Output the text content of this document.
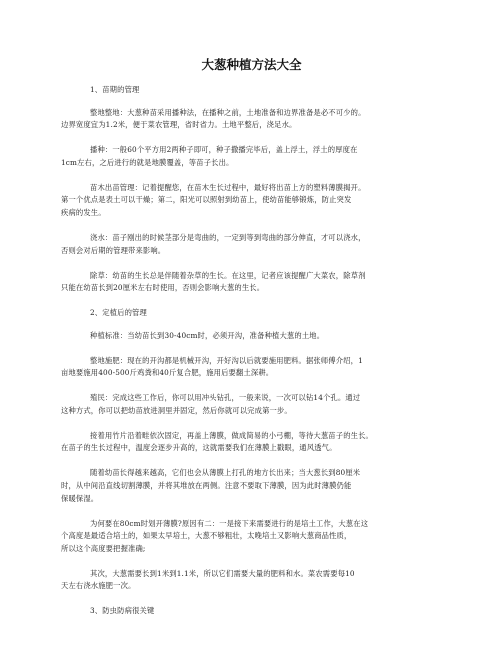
大葱种植方法大全
1、苗期的管理
整地整地：大葱种苗采用播种法，在播种之前，土地准备和边界准备是必不可少的。
边界宽度宜为1.2米，便于菜农管理，省时省力。土地平整后，浇足水。
播种：一般60个平方用2两种子即可，种子撒播完毕后，盖上浮土，浮土的厚度在
1cm左右，之后进行的就是地膜覆盖，等苗子长出。
苗木出苗管理：记着提醒您，在苗木生长过程中，最好将出苗上方的塑料薄膜揭开。
第一个优点是表土可以干燥；第二，阳光可以照射到幼苗上，使幼苗能够锻炼，防止突发
疾病的发生。
浇水：苗子刚出的时候茎部分是弯曲的，一定到等到弯曲的部分伸直，才可以浇水，
否则会对后期的管理带来影响。
除草：幼苗的生长总是伴随着杂草的生长。在这里，记者应该提醒广大菜农，除草剂
只能在幼苗长到20厘米左右时使用，否则会影响大葱的生长。
2、定植后的管理
种植标准：当幼苗长到30-40cm时，必须开沟，准备种植大葱的土地。
整地施肥：现在的开沟都是机械开沟，开好沟以后就要施用肥料。据张师傅介绍，1
亩地要施用400-500斤鸡粪和40斤复合肥，施用后要翻土深耕。
殖民：完成这些工作后，你可以用冲头钻孔，一般来说，一次可以钻14个孔。通过
这种方式，你可以把幼苗放进洞里并固定，然后你就可以完成第一步。
接着用竹片沿着畦依次固定，再盖上薄膜，做成简易的小弓棚，等待大葱苗子的生长。
在苗子的生长过程中，温度会逐步升高的，这就需要我们在薄膜上戳眼，通风透气。
随着幼苗长得越来越高，它们也会从薄膜上打孔的地方长出来；当大葱长到80厘米
时，从中间沿直线切割薄膜，并将其堆放在两侧。注意不要取下薄膜，因为此时薄膜仍能
保暖保湿。
为何要在80cm时划开薄膜?原因有二：一是接下来需要进行的是培土工作，大葱在这
个高度是最适合培土的，如果太早培土，大葱不够粗壮，太晚培土又影响大葱商品性质，
所以这个高度要把握准确;
其次，大葱需要长到1米到1.1米，所以它们需要大量的肥料和水。菜农需要每10
天左右浇水施肥一次。
3、防虫防病很关键
